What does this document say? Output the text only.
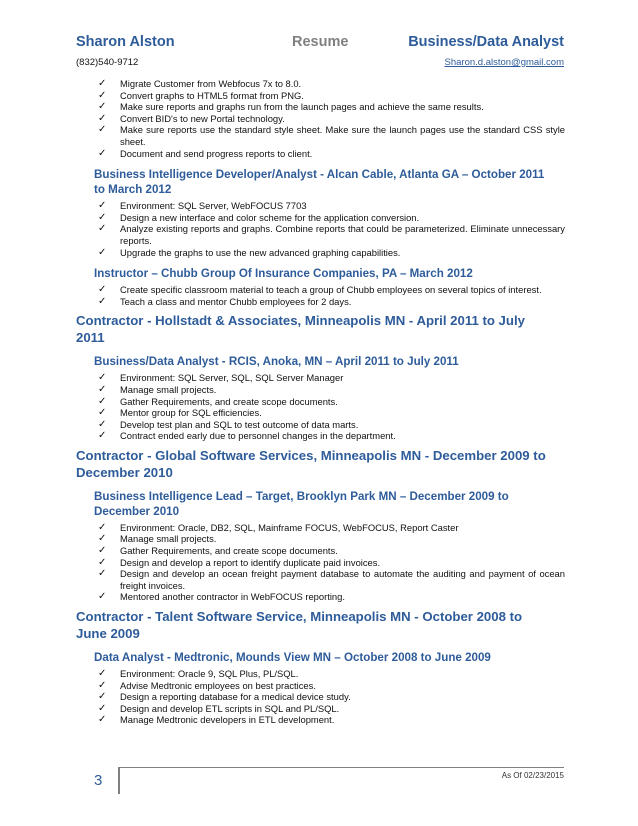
Sharon Alston	Resume	Business/Data Analyst
(832)540-9712	Sharon.d.alston@gmail.com
✓ Migrate Customer from Webfocus 7x to 8.0.
✓ Convert graphs to HTML5 format from PNG.
✓ Make sure reports and graphs run from the launch pages and achieve the same results.
✓ Convert BID's to new Portal technology.
✓ Make sure reports use the standard style sheet. Make sure the launch pages use the standard CSS style sheet.
✓ Document and send progress reports to client.
Business Intelligence Developer/Analyst - Alcan Cable, Atlanta GA – October 2011 to March 2012
✓ Environment: SQL Server, WebFOCUS 7703
✓ Design a new interface and color scheme for the application conversion.
✓ Analyze existing reports and graphs. Combine reports that could be parameterized. Eliminate unnecessary reports.
✓ Upgrade the graphs to use the new advanced graphing capabilities.
Instructor – Chubb Group Of Insurance Companies, PA – March 2012
✓ Create specific classroom material to teach a group of Chubb employees on several topics of interest.
✓ Teach a class and mentor Chubb employees for 2 days.
Contractor - Hollstadt & Associates, Minneapolis MN - April 2011 to July 2011
Business/Data Analyst - RCIS, Anoka, MN – April 2011 to July 2011
✓ Environment: SQL Server, SQL, SQL Server Manager
✓ Manage small projects.
✓ Gather Requirements, and create scope documents.
✓ Mentor group for SQL efficiencies.
✓ Develop test plan and SQL to test outcome of data marts.
✓ Contract ended early due to personnel changes in the department.
Contractor - Global Software Services, Minneapolis MN - December 2009 to December 2010
Business Intelligence Lead – Target, Brooklyn Park MN – December 2009 to December 2010
✓ Environment: Oracle, DB2, SQL, Mainframe FOCUS, WebFOCUS, Report Caster
✓ Manage small projects.
✓ Gather Requirements, and create scope documents.
✓ Design and develop a report to identify duplicate paid invoices.
✓ Design and develop an ocean freight payment database to automate the auditing and payment of ocean freight invoices.
✓ Mentored another contractor in WebFOCUS reporting.
Contractor - Talent Software Service, Minneapolis MN - October 2008 to June 2009
Data Analyst - Medtronic, Mounds View MN – October 2008 to June 2009
✓ Environment: Oracle 9, SQL Plus, PL/SQL.
✓ Advise Medtronic employees on best practices.
✓ Design a reporting database for a medical device study.
✓ Design and develop ETL scripts in SQL and PL/SQL.
✓ Manage Medtronic developers in ETL development.
3	As Of 02/23/2015
